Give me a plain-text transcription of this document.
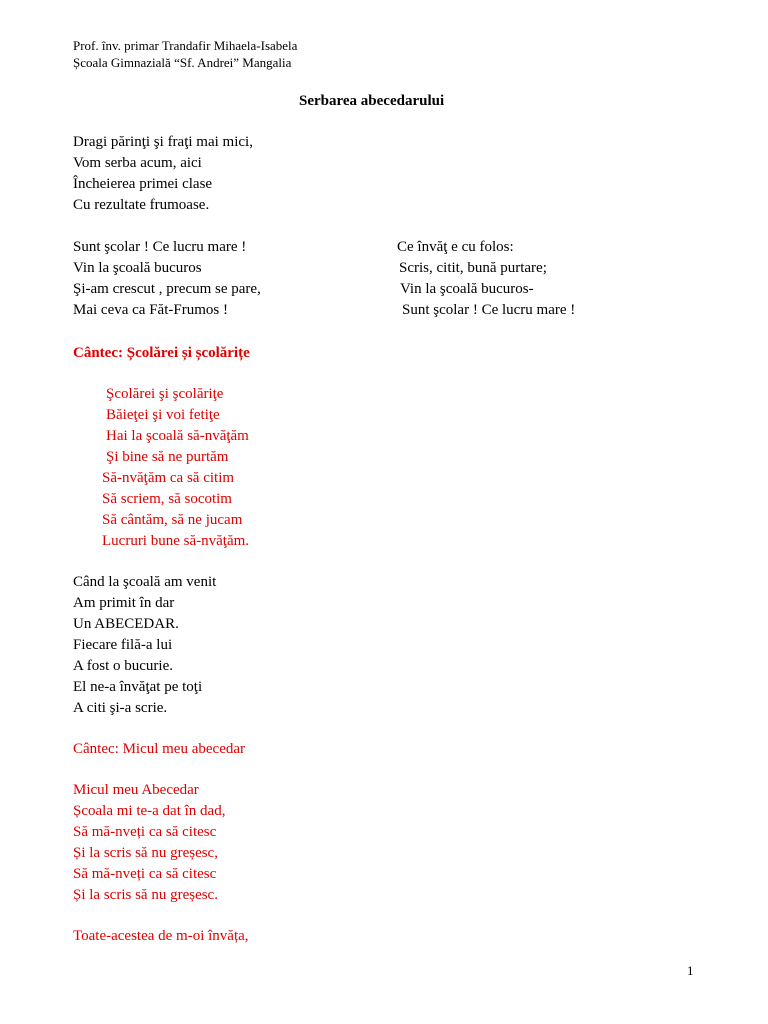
Prof. înv. primar Trandafir Mihaela-Isabela
Școala Gimnazială “Sf. Andrei” Mangalia
Serbarea abecedarului
Dragi părinţi şi fraţi mai mici,
Vom serba acum, aici
Încheierea primei clase
Cu rezultate frumoase.
Sunt şcolar ! Ce lucru mare !
Vin la şcoală bucuros
Şi-am crescut , precum se pare,
Mai ceva ca Făt-Frumos !
Ce învăţ e cu folos:
Scris, citit, bună purtare;
Vin la şcoală bucuros-
Sunt şcolar ! Ce lucru mare !
Cântec: Școlărei și școlărițe
Şcolărei şi şcolăriţe
Băieţei şi voi fetiţe
Hai la şcoală să-nvăţăm
Şi bine să ne purtăm
Să-nvăţăm ca să citim
Să scriem, să socotim
Să cântăm, să ne jucam
Lucruri bune să-nvăţăm.
Când la şcoală am venit
Am primit în dar
Un ABECEDAR.
Fiecare filă-a lui
A fost o bucurie.
El ne-a învăţat pe toţi
A citi şi-a scrie.
Cântec: Micul meu abecedar
Micul meu Abecedar
Școala mi te-a dat în dad,
Să mă-nveți ca să citesc
Și la scris să nu greșesc,
Să mă-nveți ca să citesc
Și la scris să nu greșesc.
Toate-acestea de m-oi învăța,
1
